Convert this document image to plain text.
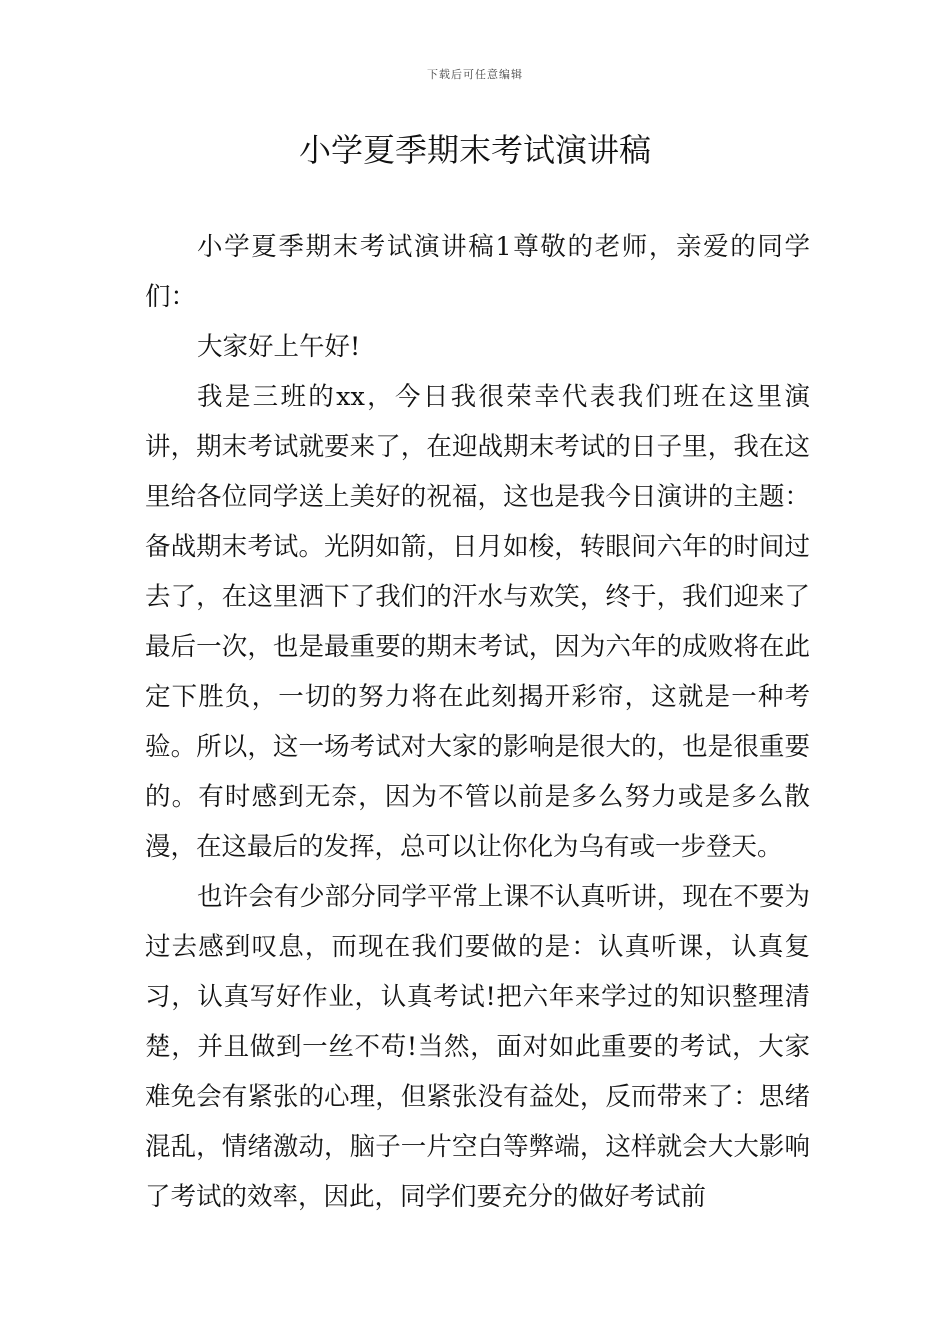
下载后可任意编辑
小学夏季期末考试演讲稿

小学夏季期末考试演讲稿1尊敬的老师，亲爱的同学们：

大家好上午好!

我是三班的xx，今日我很荣幸代表我们班在这里演讲，期末考试就要来了，在迎战期末考试的日子里，我在这里给各位同学送上美好的祝福，这也是我今日演讲的主题：备战期末考试。光阴如箭，日月如梭，转眼间六年的时间过去了，在这里洒下了我们的汗水与欢笑，终于，我们迎来了最后一次，也是最重要的期末考试，因为六年的成败将在此定下胜负，一切的努力将在此刻揭开彩帘，这就是一种考验。所以，这一场考试对大家的影响是很大的，也是很重要的。有时感到无奈，因为不管以前是多么努力或是多么散漫，在这最后的发挥，总可以让你化为乌有或一步登天。

也许会有少部分同学平常上课不认真听讲，现在不要为过去感到叹息，而现在我们要做的是：认真听课，认真复习，认真写好作业，认真考试!把六年来学过的知识整理清楚，并且做到一丝不苟!当然，面对如此重要的考试，大家难免会有紧张的心理，但紧张没有益处，反而带来了：思绪混乱，情绪激动，脑子一片空白等弊端，这样就会大大影响了考试的效率，因此，同学们要充分的做好考试前
